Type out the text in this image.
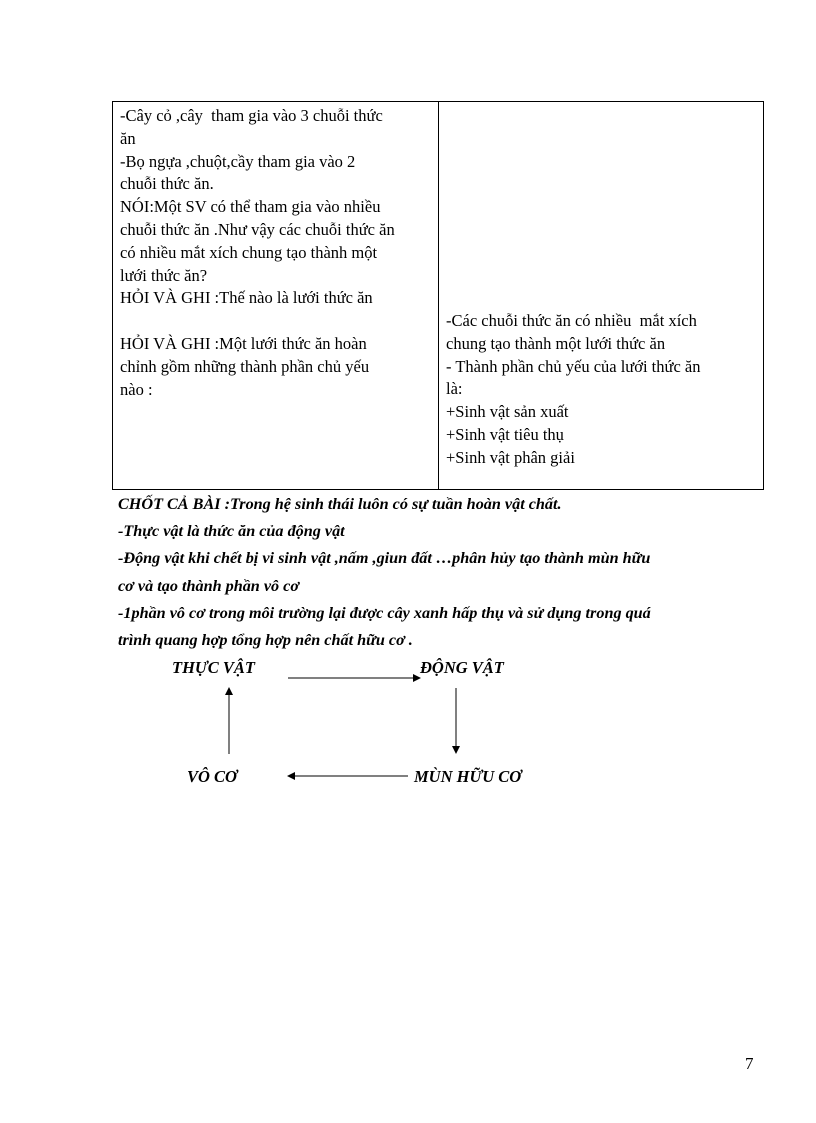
-Cây cỏ ,cây  tham gia vào 3 chuỗi thức
ăn
-Bọ ngựa ,chuột,cầy tham gia vào 2
chuỗi thức ăn.
NÓI:Một SV có thể tham gia vào nhiều
chuỗi thức ăn .Như vậy các chuỗi thức ăn
có nhiều mắt xích chung tạo thành một
lưới thức ăn?
HỎI VÀ GHI :Thế nào là lưới thức ăn
HỎI VÀ GHI :Một lưới thức ăn hoàn
chỉnh gồm những thành phần chủ yếu
nào :
-Các chuỗi thức ăn có nhiều  mắt xích
chung tạo thành một lưới thức ăn
- Thành phần chủ yếu của lưới thức ăn
là:
+Sinh vật sản xuất
+Sinh vật tiêu thụ
+Sinh vật phân giải
CHỐT CẢ BÀI :Trong hệ sinh thái luôn có sự tuần hoàn vật chất.
-Thực vật là thức ăn của động vật
-Động vật khi chết bị vi sinh vật ,nấm ,giun đất …phân hủy tạo thành mùn hữu
cơ và tạo thành phần vô cơ
-1phần vô cơ trong môi trường lại được cây xanh hấp thụ và sử dụng trong quá
trình quang hợp tổng hợp nên chất hữu cơ .
THỰC VẬT	ĐỘNG VẬT
VÔ CƠ	MÙN HỮU CƠ
7
